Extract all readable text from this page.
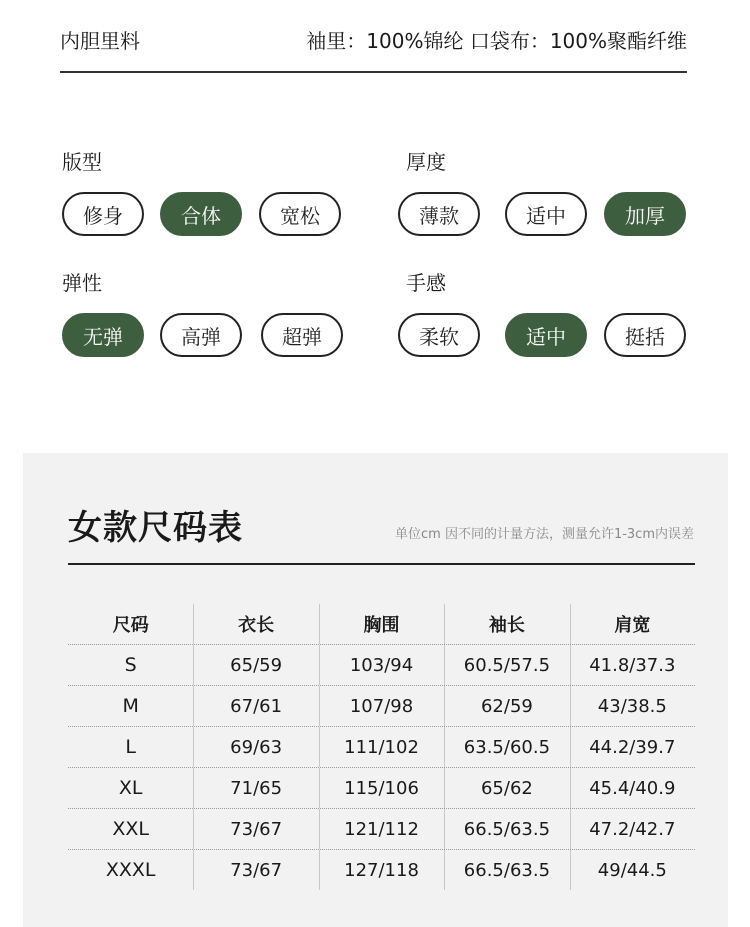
内胆里料	袖里：100%锦纶 口袋布：100%聚酯纤维
版型
修身	合体	宽松
厚度
薄款	适中	加厚
弹性
无弹	高弹	超弹
手感
柔软	适中	挺括
女款尺码表	单位cm 因不同的计量方法，测量允许1-3cm内误差
尺码	衣长	胸围	袖长	肩宽
S	65/59	103/94	60.5/57.5	41.8/37.3
M	67/61	107/98	62/59	43/38.5
L	69/63	111/102	63.5/60.5	44.2/39.7
XL	71/65	115/106	65/62	45.4/40.9
XXL	73/67	121/112	66.5/63.5	47.2/42.7
XXXL	73/67	127/118	66.5/63.5	49/44.5
